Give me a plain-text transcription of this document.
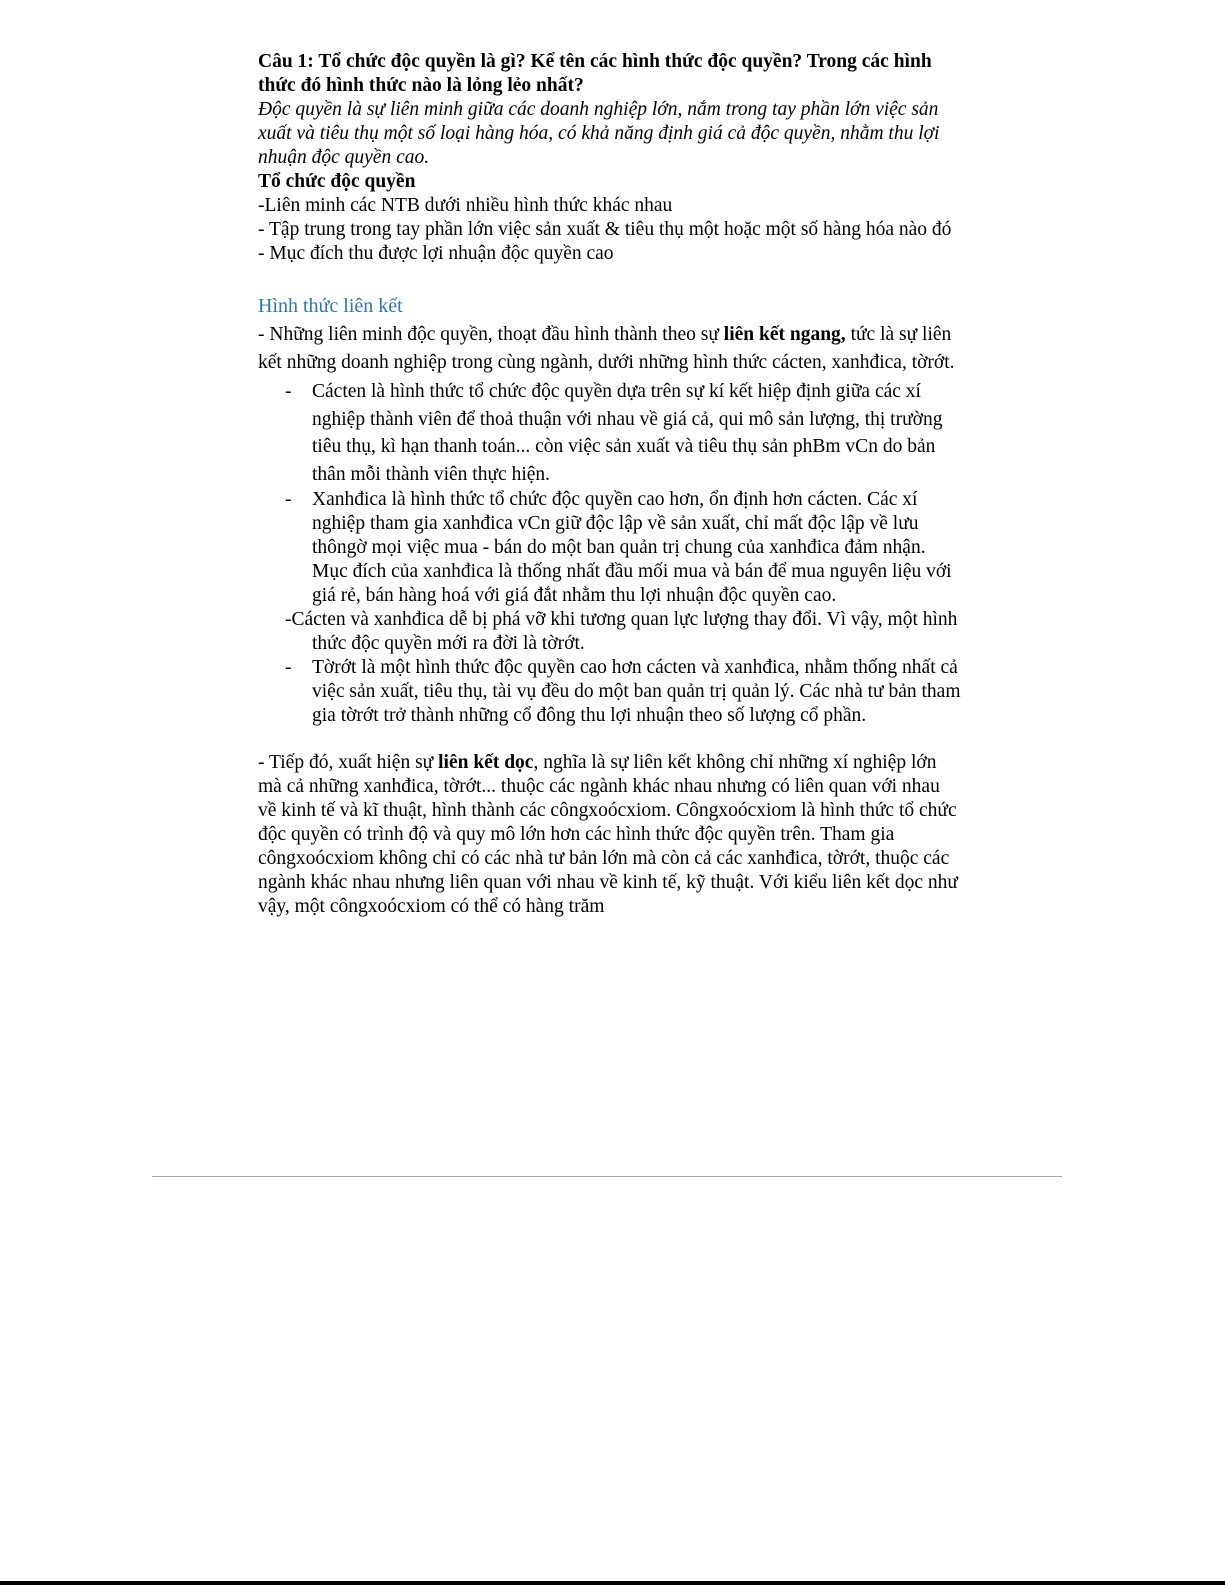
Câu 1: Tổ chức độc quyền là gì? Kể tên các hình thức độc quyền? Trong các hình thức đó hình thức nào là lỏng lẻo nhất?

Độc quyền là sự liên minh giữa các doanh nghiệp lớn, nắm trong tay phần lớn việc sản xuất và tiêu thụ một số loại hàng hóa, có khả năng định giá cả độc quyền, nhằm thu lợi nhuận độc quyền cao.

Tổ chức độc quyền

-Liên minh các NTB dưới nhiều hình thức khác nhau

- Tập trung trong tay phần lớn việc sản xuất & tiêu thụ một hoặc một số hàng hóa nào đó

- Mục đích thu được lợi nhuận độc quyền cao

Hình thức liên kết

- Những liên minh độc quyền, thoạt đầu hình thành theo sự liên kết ngang, tức là sự liên kết những doanh nghiệp trong cùng ngành, dưới những hình thức cácten, xanhđica, tờrớt.

- Cácten là hình thức tổ chức độc quyền dựa trên sự kí kết hiệp định giữa các xí nghiệp thành viên để thoả thuận với nhau về giá cả, qui mô sản lượng, thị trường tiêu thụ, kì hạn thanh toán... còn việc sản xuất và tiêu thụ sản phBm vCn do bản thân mỗi thành viên thực hiện.
- Xanhđica là hình thức tổ chức độc quyền cao hơn, ổn định hơn cácten. Các xí nghiệp tham gia xanhđica vCn giữ độc lập về sản xuất, chỉ mất độc lập về lưu thôngờ mọi việc mua - bán do một ban quản trị chung của xanhđica đảm nhận. Mục đích của xanhđica là thống nhất đầu mối mua và bán để mua nguyên liệu với giá rẻ, bán hàng hoá với giá đắt nhằm thu lợi nhuận độc quyền cao.

-Cácten và xanhđica dễ bị phá vỡ khi tương quan lực lượng thay đổi. Vì vậy, một hình thức độc quyền mới ra đời là tờrớt.

- Tờrớt là một hình thức độc quyền cao hơn cácten và xanhđica, nhằm thống nhất cả việc sản xuất, tiêu thụ, tài vụ đều do một ban quản trị quản lý. Các nhà tư bản tham gia tờrớt trở thành những cổ đông thu lợi nhuận theo số lượng cổ phần.

- Tiếp đó, xuất hiện sự liên kết dọc, nghĩa là sự liên kết không chỉ những xí nghiệp lớn mà cả những xanhđica, tờrớt... thuộc các ngành khác nhau nhưng có liên quan với nhau về kinh tế và kĩ thuật, hình thành các côngxoócxiom. Côngxoócxiom là hình thức tổ chức độc quyền có trình độ và quy mô lớn hơn các hình thức độc quyền trên. Tham gia côngxoócxiom không chỉ có các nhà tư bản lớn mà còn cả các xanhđica, tờrớt, thuộc các ngành khác nhau nhưng liên quan với nhau về kinh tế, kỹ thuật. Với kiểu liên kết dọc như vậy, một côngxoócxiom có thể có hàng trăm
